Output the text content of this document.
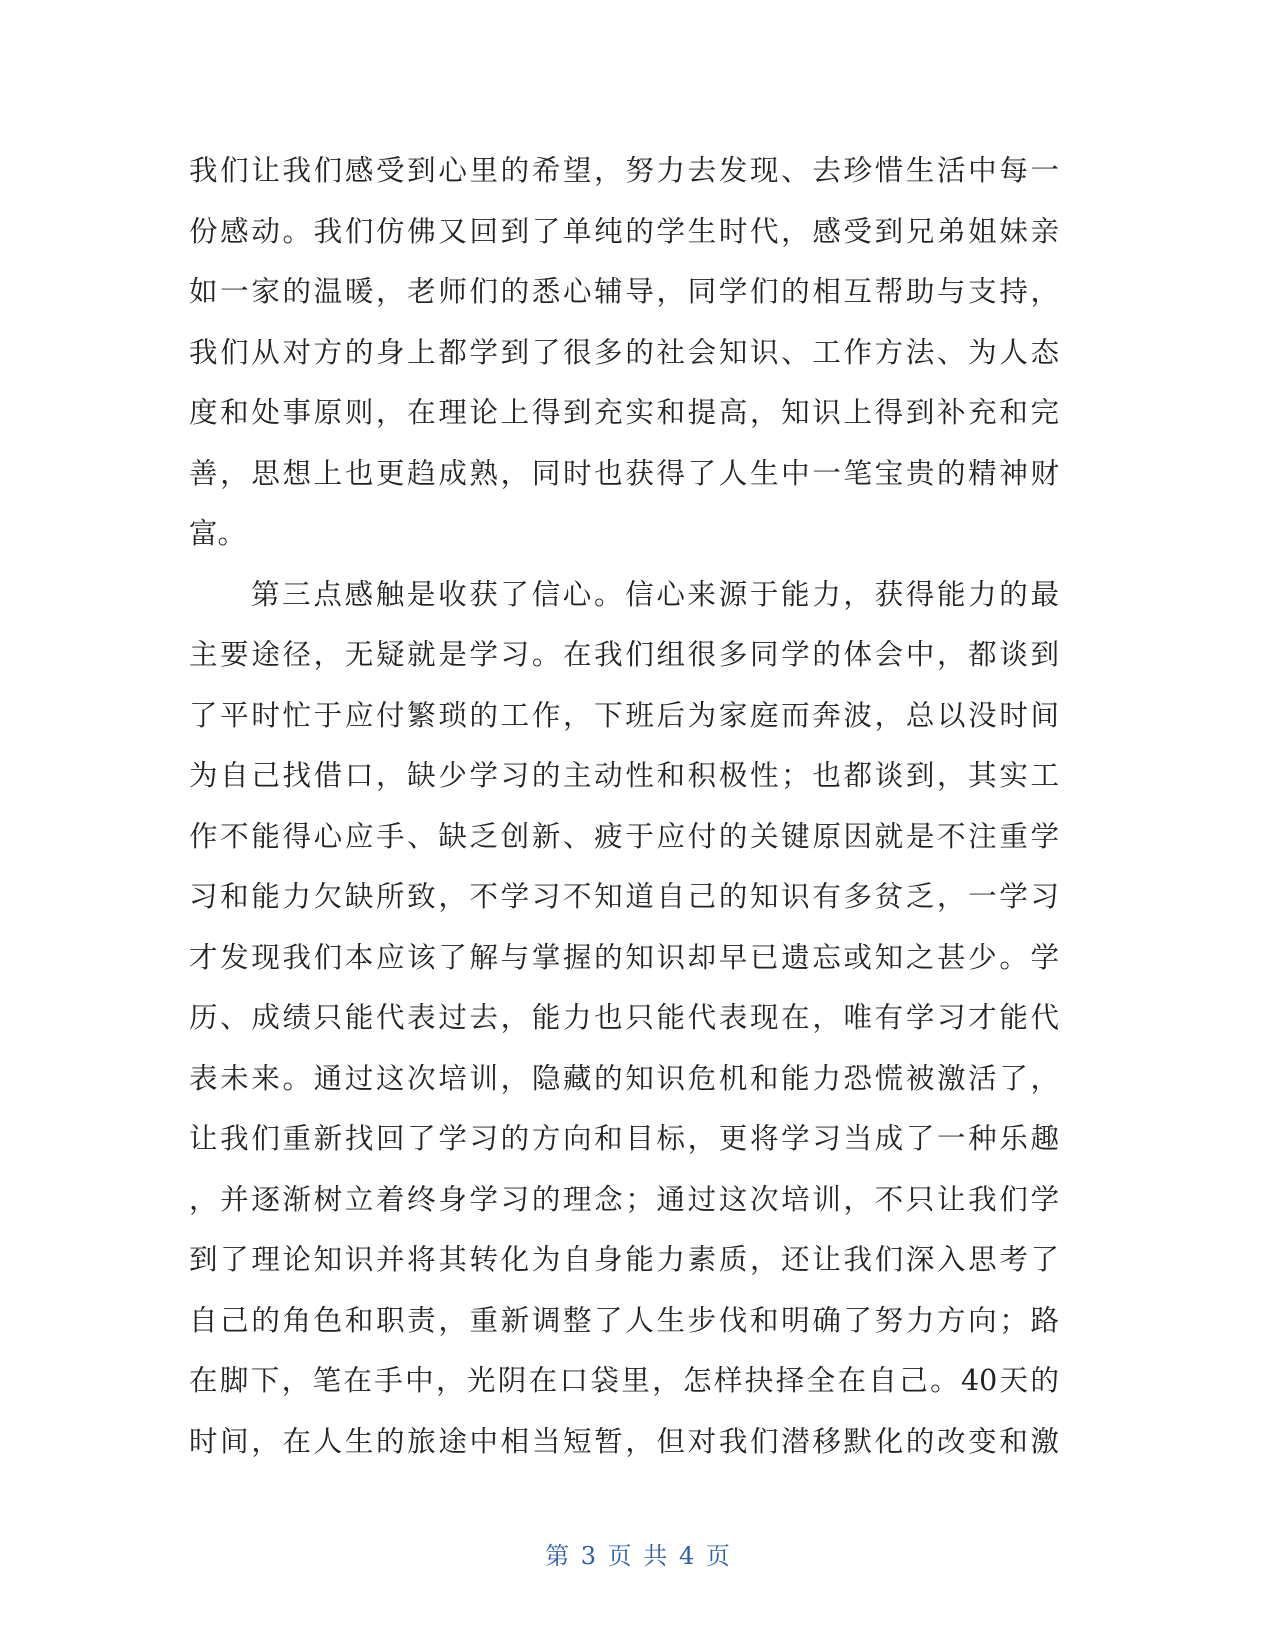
我们让我们感受到心里的希望，努力去发现、去珍惜生活中每一
份感动。我们仿佛又回到了单纯的学生时代，感受到兄弟姐妹亲
如一家的温暖，老师们的悉心辅导，同学们的相互帮助与支持，
我们从对方的身上都学到了很多的社会知识、工作方法、为人态
度和处事原则，在理论上得到充实和提高，知识上得到补充和完
善，思想上也更趋成熟，同时也获得了人生中一笔宝贵的精神财
富。
第三点感触是收获了信心。信心来源于能力，获得能力的最
主要途径，无疑就是学习。在我们组很多同学的体会中，都谈到
了平时忙于应付繁琐的工作，下班后为家庭而奔波，总以没时间
为自己找借口，缺少学习的主动性和积极性；也都谈到，其实工
作不能得心应手、缺乏创新、疲于应付的关键原因就是不注重学
习和能力欠缺所致，不学习不知道自己的知识有多贫乏，一学习
才发现我们本应该了解与掌握的知识却早已遗忘或知之甚少。学
历、成绩只能代表过去，能力也只能代表现在，唯有学习才能代
表未来。通过这次培训，隐藏的知识危机和能力恐慌被激活了，
让我们重新找回了学习的方向和目标，更将学习当成了一种乐趣
，并逐渐树立着终身学习的理念；通过这次培训，不只让我们学
到了理论知识并将其转化为自身能力素质，还让我们深入思考了
自己的角色和职责，重新调整了人生步伐和明确了努力方向；路
在脚下，笔在手中，光阴在口袋里，怎样抉择全在自己。40天的
时间，在人生的旅途中相当短暂，但对我们潜移默化的改变和激
第 3 页 共 4 页
